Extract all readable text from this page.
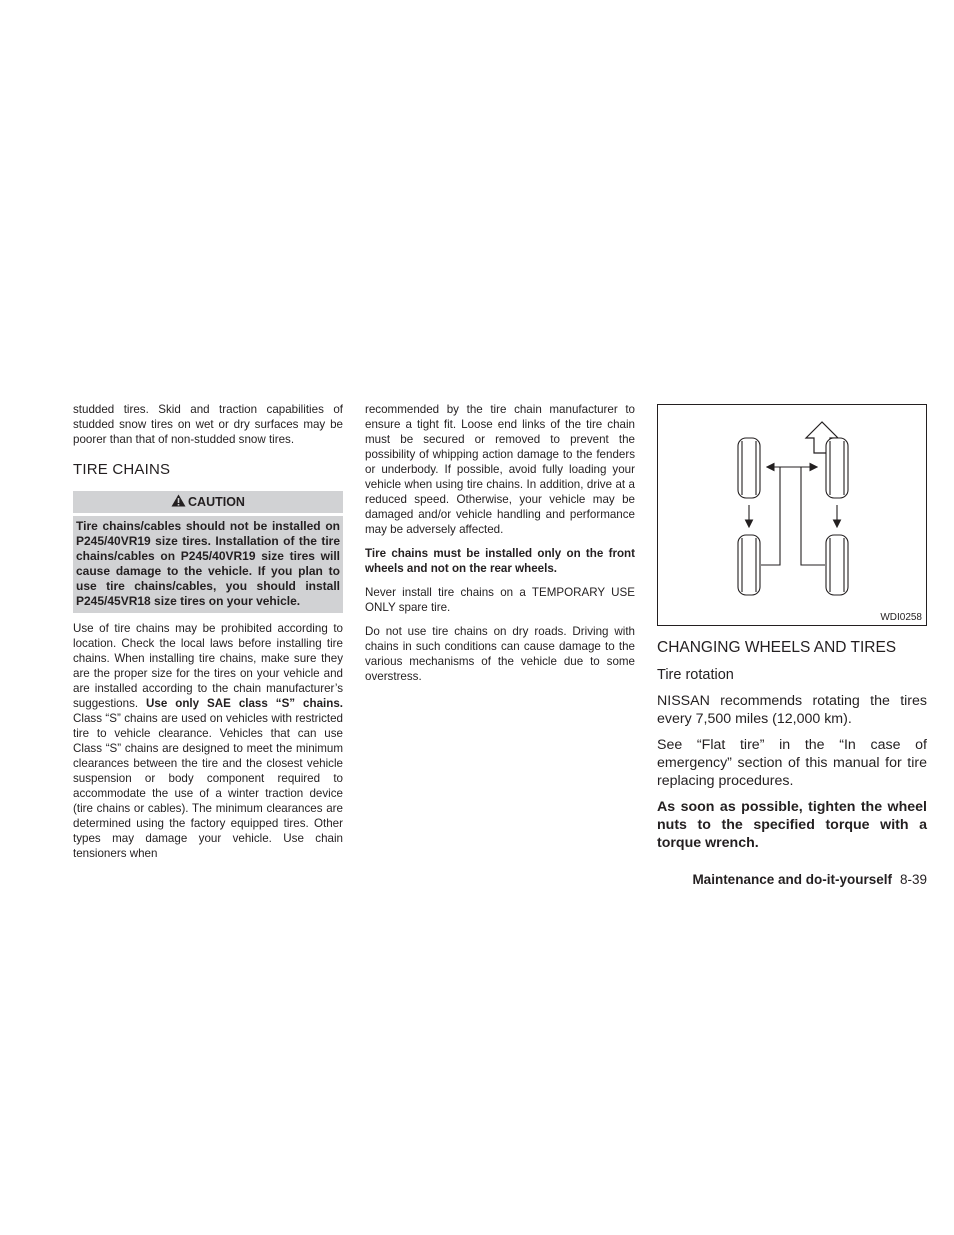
studded tires. Skid and traction capabilities of studded snow tires on wet or dry surfaces may be poorer than that of non-studded snow tires.

TIRE CHAINS
CAUTION
Tire chains/cables should not be installed on P245/40VR19 size tires. Installation of the tire chains/cables on P245/40VR19 size tires will cause damage to the vehicle. If you plan to use tire chains/cables, you should install P245/45VR18 size tires on your vehicle.

Use of tire chains may be prohibited according to location. Check the local laws before installing tire chains. When installing tire chains, make sure they are the proper size for the tires on your vehicle and are installed according to the chain manufacturer’s suggestions. Use only SAE class “S” chains. Class “S” chains are used on vehicles with restricted tire to vehicle clearance. Vehicles that can use Class “S” chains are designed to meet the minimum clearances between the tire and the closest vehicle suspension or body component required to accommodate the use of a winter traction device (tire chains or cables). The minimum clearances are determined using the factory equipped tires. Other types may damage your vehicle. Use chain tensioners when

recommended by the tire chain manufacturer to ensure a tight fit. Loose end links of the tire chain must be secured or removed to prevent the possibility of whipping action damage to the fenders or underbody. If possible, avoid fully loading your vehicle when using tire chains. In addition, drive at a reduced speed. Otherwise, your vehicle may be damaged and/or vehicle handling and performance may be adversely affected.

Tire chains must be installed only on the front wheels and not on the rear wheels.

Never install tire chains on a TEMPORARY USE ONLY spare tire.

Do not use tire chains on dry roads. Driving with chains in such conditions can cause damage to the various mechanisms of the vehicle due to some overstress.

WDI0258
CHANGING WHEELS AND TIRES
Tire rotation

NISSAN recommends rotating the tires every 7,500 miles (12,000 km).

See “Flat tire” in the “In case of emergency” section of this manual for tire replacing procedures.

As soon as possible, tighten the wheel nuts to the specified torque with a torque wrench.

Maintenance and do-it-yourself 8-39
